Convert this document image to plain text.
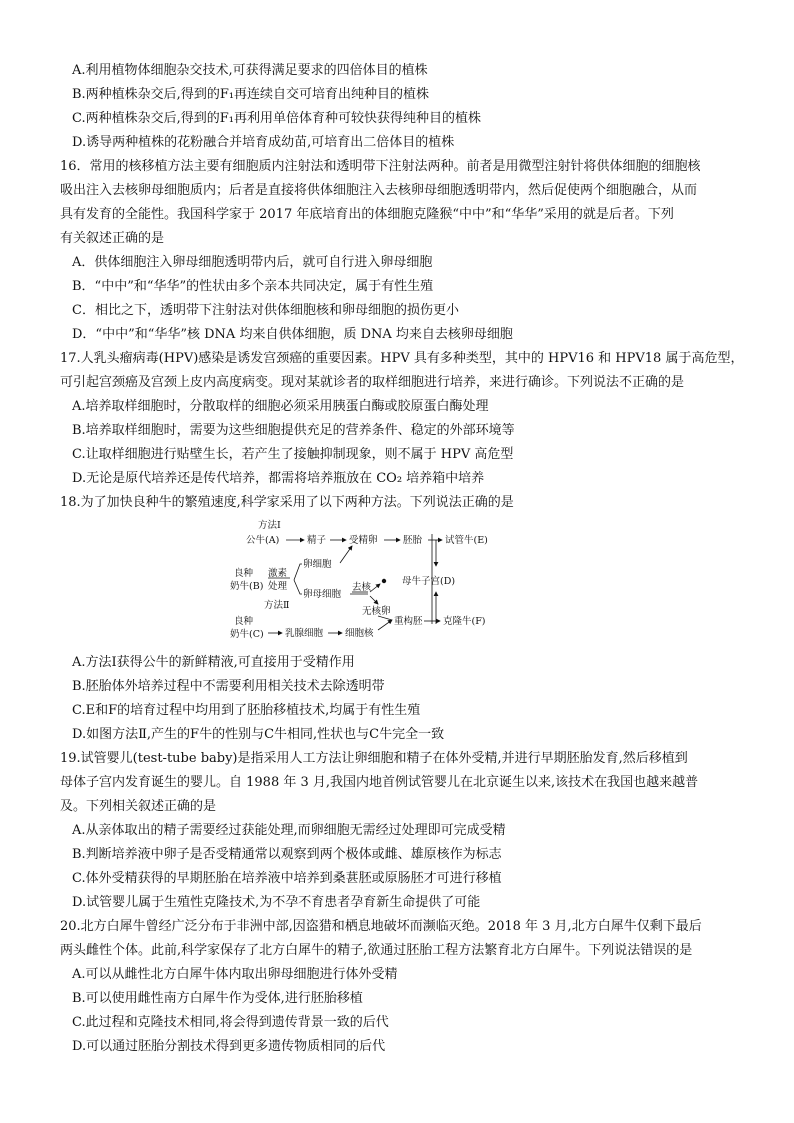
A.利用植物体细胞杂交技术,可获得满足要求的四倍体目的植株
B.两种植株杂交后,得到的F₁再连续自交可培育出纯种目的植株
C.两种植株杂交后,得到的F₁再利用单倍体育种可较快获得纯种目的植株
D.诱导两种植株的花粉融合并培育成幼苗,可培育出二倍体目的植株
16．常用的核移植方法主要有细胞质内注射法和透明带下注射法两种。前者是用微型注射针将供体细胞的细胞核
吸出注入去核卵母细胞质内；后者是直接将供体细胞注入去核卵母细胞透明带内，然后促使两个细胞融合，从而
具有发育的全能性。我国科学家于 2017 年底培育出的体细胞克隆猴“中中”和“华华”采用的就是后者。下列
有关叙述正确的是
A．供体细胞注入卵母细胞透明带内后，就可自行进入卵母细胞
B．“中中”和“华华”的性状由多个亲本共同决定，属于有性生殖
C．相比之下，透明带下注射法对供体细胞核和卵母细胞的损伤更小
D．“中中”和“华华”核 DNA 均来自供体细胞，质 DNA 均来自去核卵母细胞
17.人乳头瘤病毒(HPV)感染是诱发宫颈癌的重要因素。HPV 具有多种类型，其中的 HPV16 和 HPV18 属于高危型，
可引起宫颈癌及宫颈上皮内高度病变。现对某就诊者的取样细胞进行培养，来进行确诊。下列说法不正确的是
A.培养取样细胞时，分散取样的细胞必须采用胰蛋白酶或胶原蛋白酶处理
B.培养取样细胞时，需要为这些细胞提供充足的营养条件、稳定的外部环境等
C.让取样细胞进行贴壁生长，若产生了接触抑制现象，则不属于 HPV 高危型
D.无论是原代培养还是传代培养，都需将培养瓶放在 CO₂ 培养箱中培养
18.为了加快良种牛的繁殖速度,科学家采用了以下两种方法。下列说法正确的是
方法Ⅰ
公牛(A)	精子 受精卵	胚胎 试管牛(E)
良种
奶牛(B)
激素
处理
卵细胞
卵母细胞
去核
无核卵
母牛子宫(D)
方法Ⅱ
良种
奶牛(C) 乳腺细胞 细胞核
重构胚 克隆牛(F)
A.方法Ⅰ获得公牛的新鲜精液,可直接用于受精作用
B.胚胎体外培养过程中不需要利用相关技术去除透明带
C.E和F的培育过程中均用到了胚胎移植技术,均属于有性生殖
D.如图方法Ⅱ,产生的F牛的性别与C牛相同,性状也与C牛完全一致
19.试管婴儿(test-tube baby)是指采用人工方法让卵细胞和精子在体外受精,并进行早期胚胎发育,然后移植到
母体子宫内发育诞生的婴儿。自 1988 年 3 月,我国内地首例试管婴儿在北京诞生以来,该技术在我国也越来越普
及。下列相关叙述正确的是
A.从亲体取出的精子需要经过获能处理,而卵细胞无需经过处理即可完成受精
B.判断培养液中卵子是否受精通常以观察到两个极体或雌、雄原核作为标志
C.体外受精获得的早期胚胎在培养液中培养到桑葚胚或原肠胚才可进行移植
D.试管婴儿属于生殖性克隆技术,为不孕不育患者孕育新生命提供了可能
20.北方白犀牛曾经广泛分布于非洲中部,因盗猎和栖息地破坏而濒临灭绝。2018 年 3 月,北方白犀牛仅剩下最后
两头雌性个体。此前,科学家保存了北方白犀牛的精子,欲通过胚胎工程方法繁育北方白犀牛。下列说法错误的是
A.可以从雌性北方白犀牛体内取出卵母细胞进行体外受精
B.可以使用雌性南方白犀牛作为受体,进行胚胎移植
C.此过程和克隆技术相同,将会得到遗传背景一致的后代
D.可以通过胚胎分割技术得到更多遗传物质相同的后代
